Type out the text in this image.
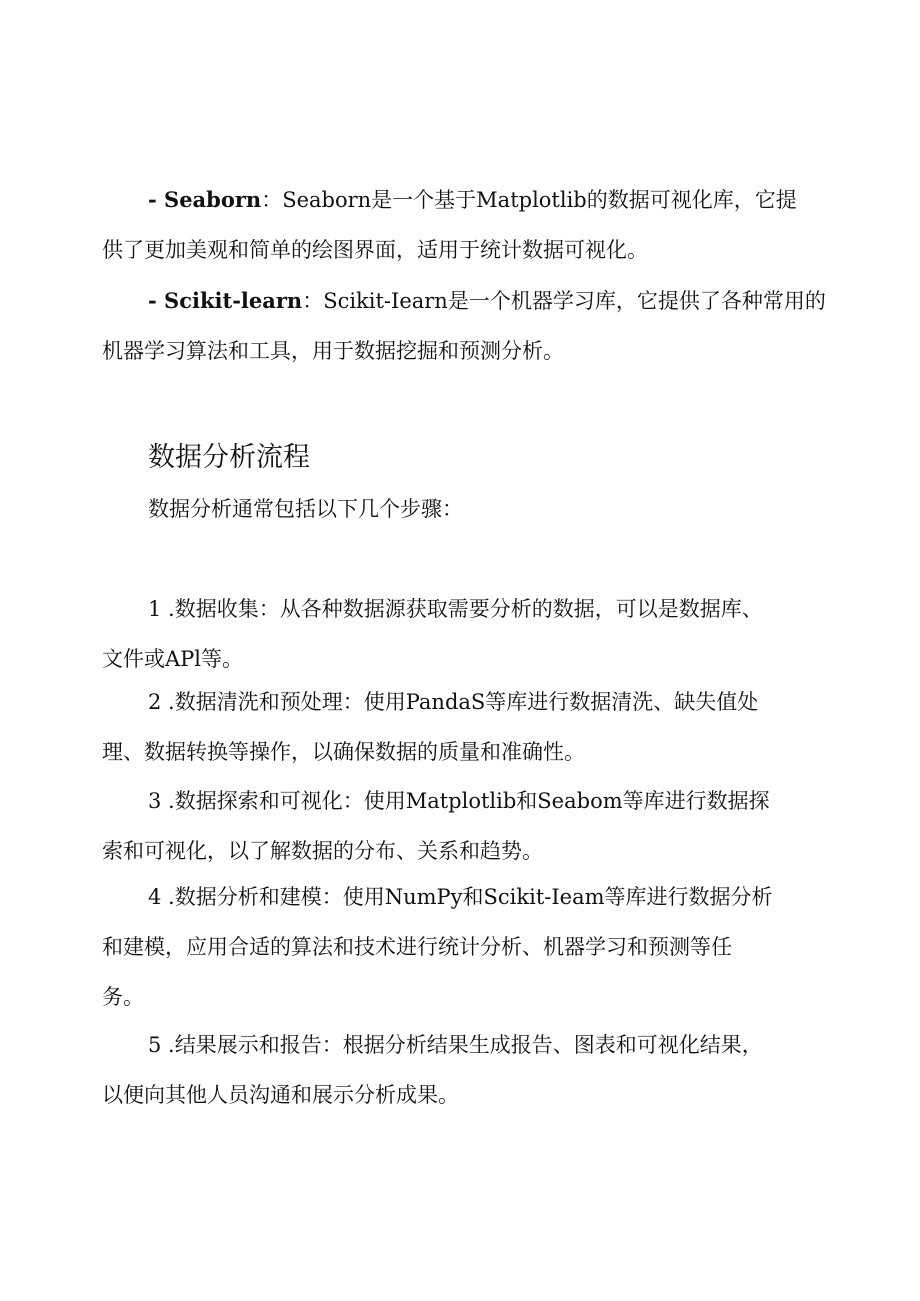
- Seaborn：Seaborn是一个基于Matplotlib的数据可视化库，它提
供了更加美观和简单的绘图界面，适用于统计数据可视化。

- Scikit-learn：Scikit-Iearn是一个机器学习库，它提供了各种常用的
机器学习算法和工具，用于数据挖掘和预测分析。

数据分析流程

数据分析通常包括以下几个步骤：

1 .数据收集：从各种数据源获取需要分析的数据，可以是数据库、
文件或APl等。

2 .数据清洗和预处理：使用PandaS等库进行数据清洗、缺失值处
理、数据转换等操作，以确保数据的质量和准确性。

3 .数据探索和可视化：使用Matplotlib和Seabom等库进行数据探
索和可视化，以了解数据的分布、关系和趋势。

4 .数据分析和建模：使用NumPy和Scikit-Ieam等库进行数据分析
和建模，应用合适的算法和技术进行统计分析、机器学习和预测等任
务。

5 .结果展示和报告：根据分析结果生成报告、图表和可视化结果，
以便向其他人员沟通和展示分析成果。
